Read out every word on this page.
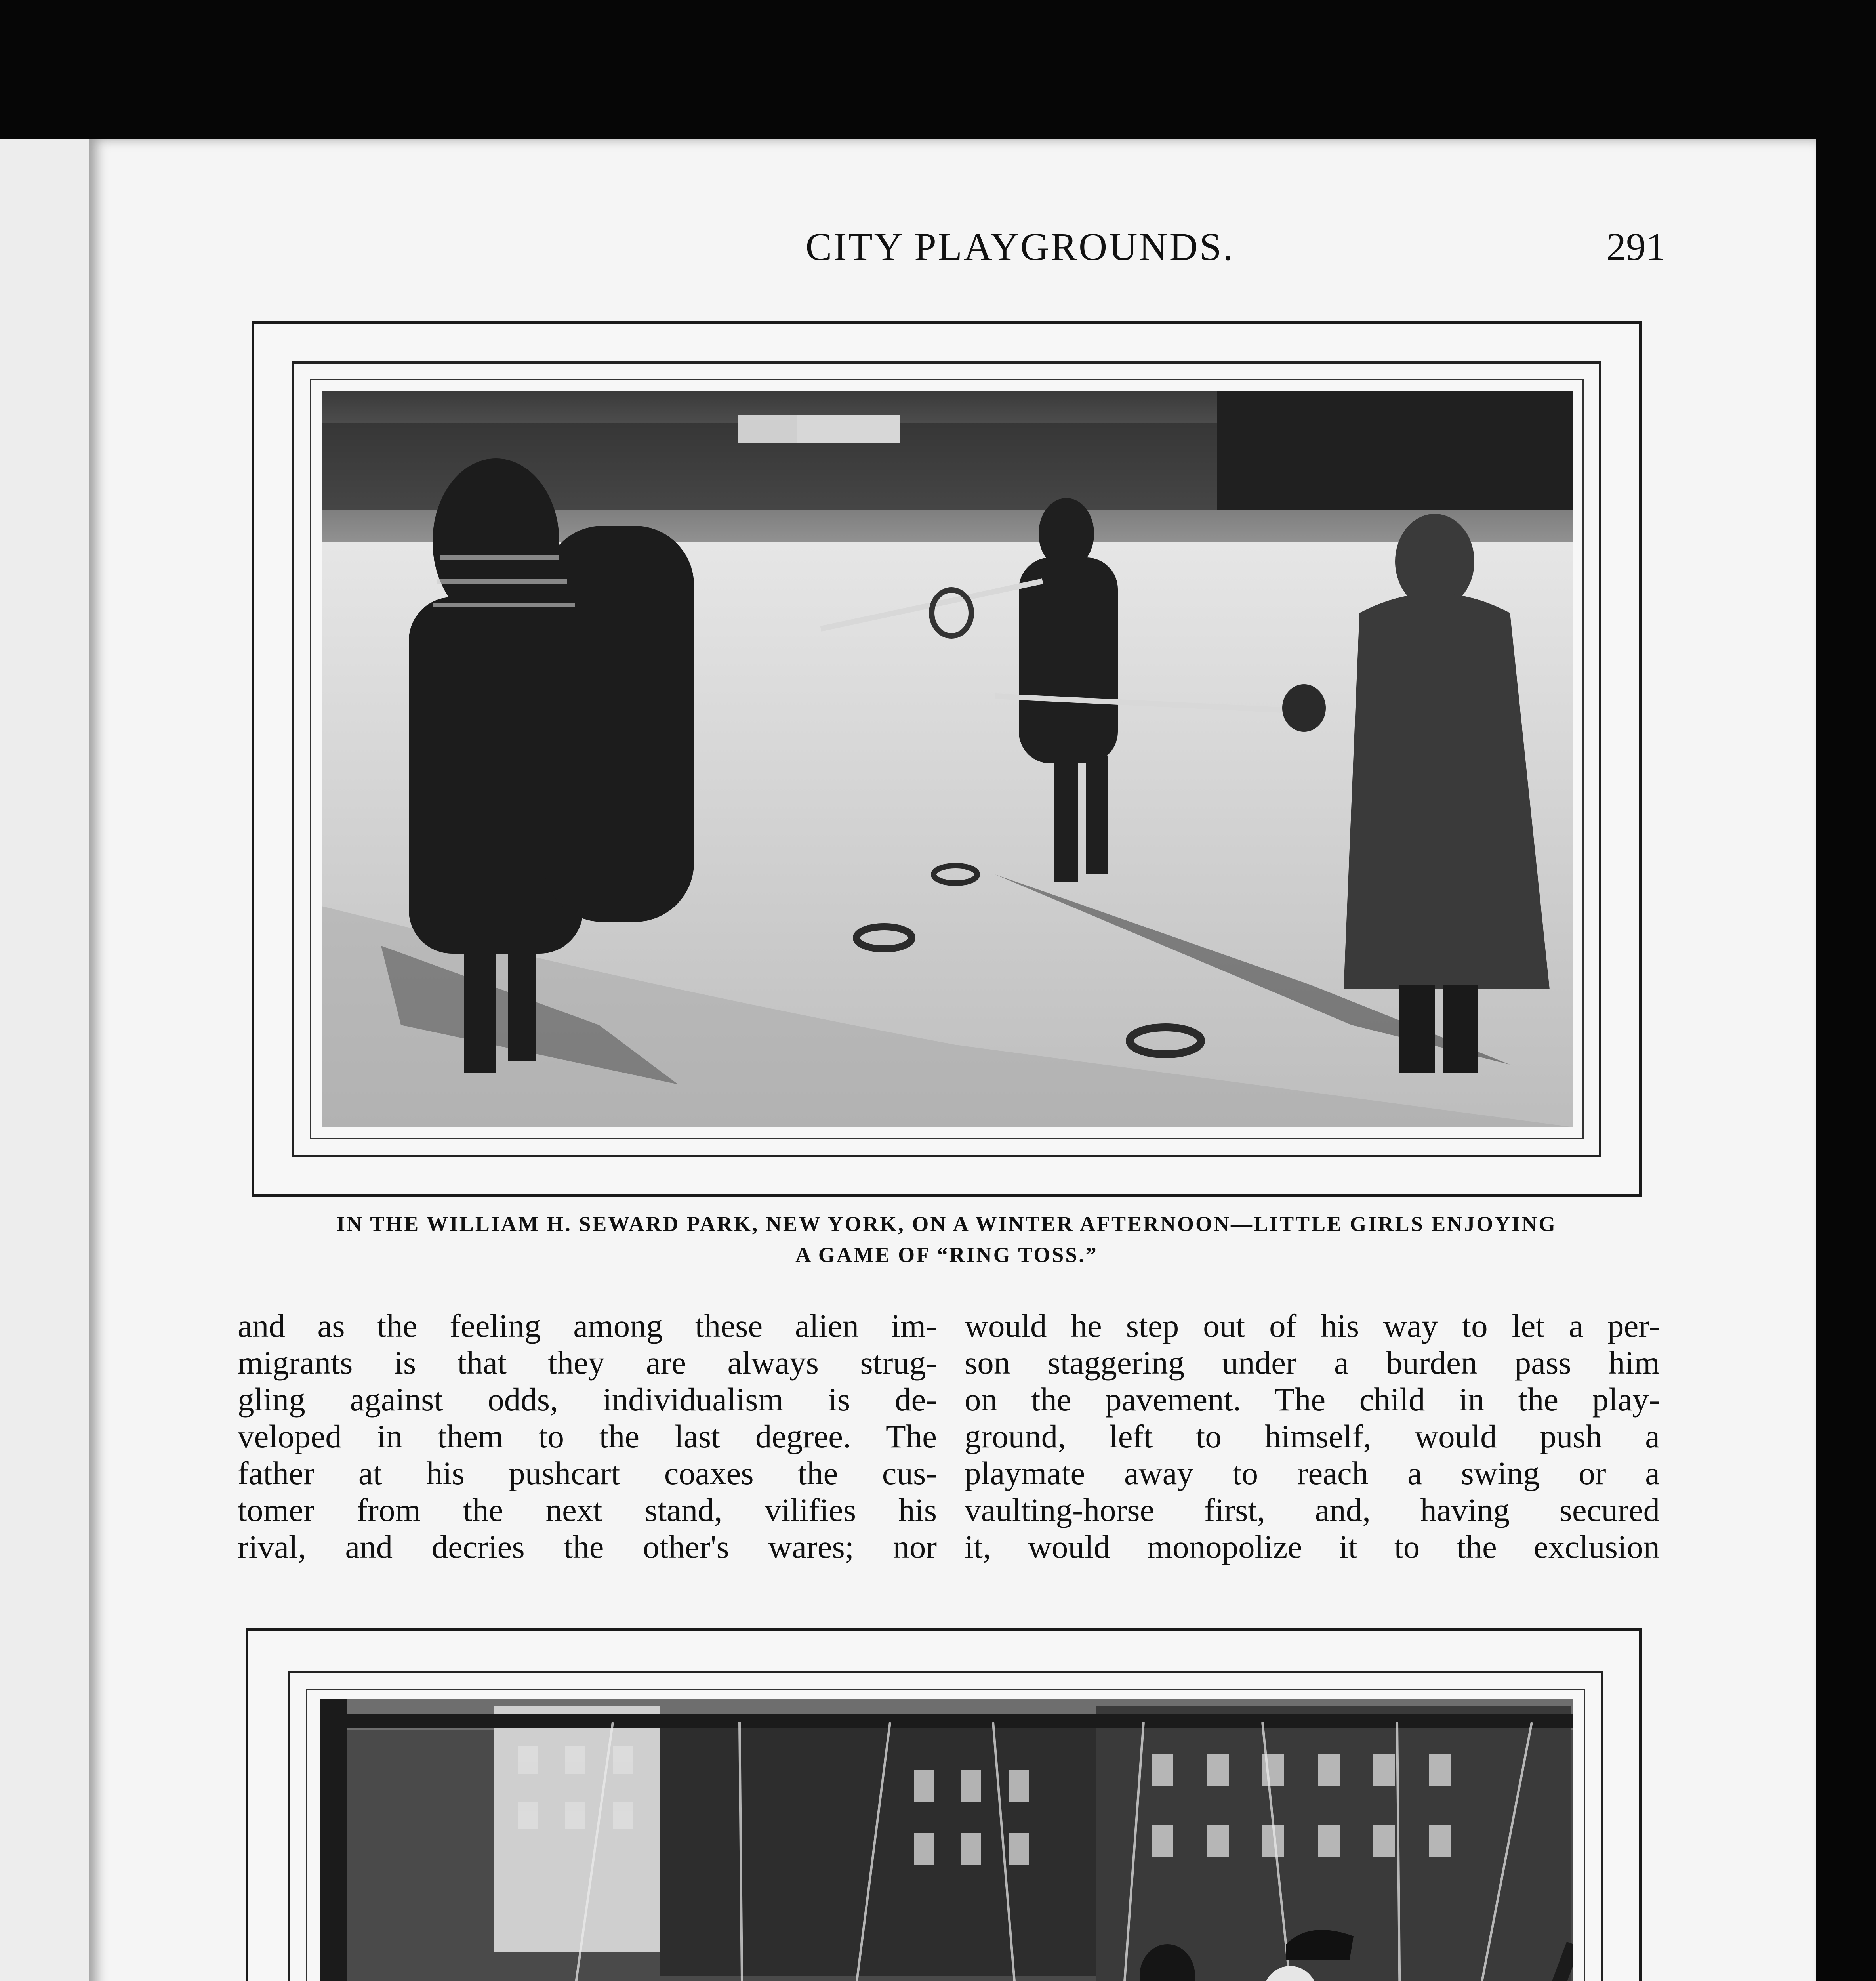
CITY PLAYGROUNDS.	291
IN THE WILLIAM H. SEWARD PARK, NEW YORK, ON A WINTER AFTERNOON—LITTLE GIRLS ENJOYING
A GAME OF “RING TOSS.”
and as the feeling among these alien im-
migrants is that they are always strug-
gling against odds, individualism is de-
veloped in them to the last degree. The
father at his pushcart coaxes the cus-
tomer from the next stand, vilifies his
rival, and decries the other's wares; nor
would he step out of his way to let a per-
son staggering under a burden pass him
on the pavement. The child in the play-
ground, left to himself, would push a
playmate away to reach a swing or a
vaulting-horse first, and, having secured
it, would monopolize it to the exclusion
